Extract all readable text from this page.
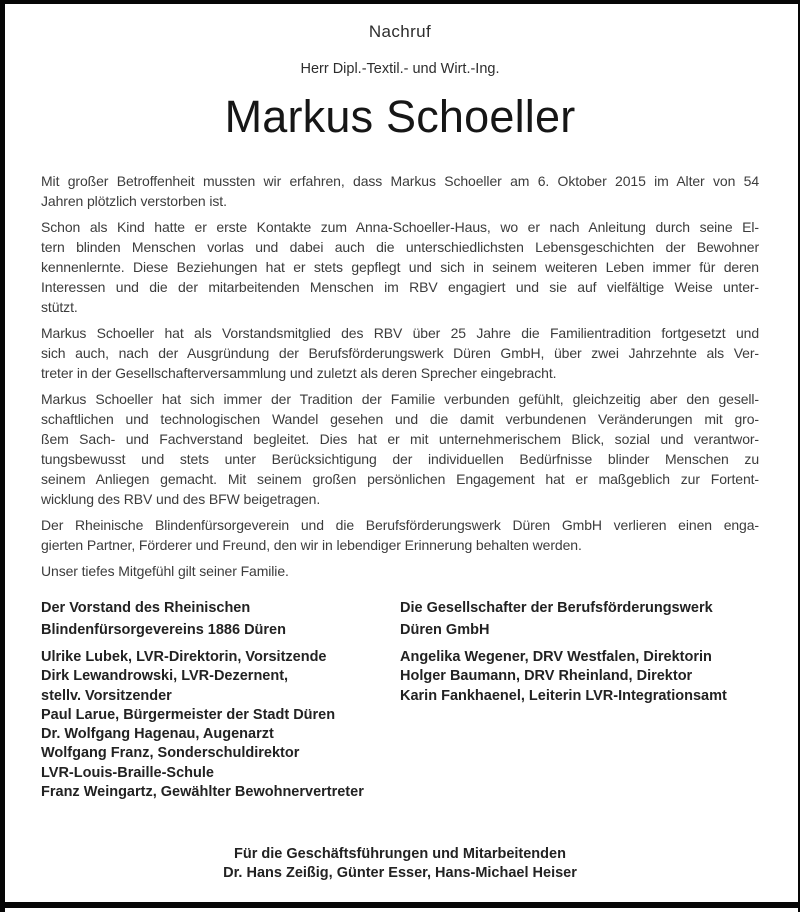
Nachruf
Herr Dipl.-Textil.- und Wirt.-Ing.
Markus Schoeller
Mit großer Betroffenheit mussten wir erfahren, dass Markus Schoeller am 6. Oktober 2015 im Alter von 54
Jahren plötzlich verstorben ist.
Schon als Kind hatte er erste Kontakte zum Anna-Schoeller-Haus, wo er nach Anleitung durch seine El-
tern blinden Menschen vorlas und dabei auch die unterschiedlichsten Lebensgeschichten der Bewohner
kennenlernte. Diese Beziehungen hat er stets gepflegt und sich in seinem weiteren Leben immer für deren
Interessen und die der mitarbeitenden Menschen im RBV engagiert und sie auf vielfältige Weise unter-
stützt.
Markus Schoeller hat als Vorstandsmitglied des RBV über 25 Jahre die Familientradition fortgesetzt und
sich auch, nach der Ausgründung der Berufsförderungswerk Düren GmbH, über zwei Jahrzehnte als Ver-
treter in der Gesellschafterversammlung und zuletzt als deren Sprecher eingebracht.
Markus Schoeller hat sich immer der Tradition der Familie verbunden gefühlt, gleichzeitig aber den gesell-
schaftlichen und technologischen Wandel gesehen und die damit verbundenen Veränderungen mit gro-
ßem Sach- und Fachverstand begleitet. Dies hat er mit unternehmerischem Blick, sozial und verantwor-
tungsbewusst und stets unter Berücksichtigung der individuellen Bedürfnisse blinder Menschen zu
seinem Anliegen gemacht. Mit seinem großen persönlichen Engagement hat er maßgeblich zur Fortent-
wicklung des RBV und des BFW beigetragen.
Der Rheinische Blindenfürsorgeverein und die Berufsförderungswerk Düren GmbH verlieren einen enga-
gierten Partner, Förderer und Freund, den wir in lebendiger Erinnerung behalten werden.
Unser tiefes Mitgefühl gilt seiner Familie.
Der Vorstand des Rheinischen
Blindenfürsorgevereins 1886 Düren
Ulrike Lubek, LVR-Direktorin, Vorsitzende
Dirk Lewandrowski, LVR-Dezernent,
stellv. Vorsitzender
Paul Larue, Bürgermeister der Stadt Düren
Dr. Wolfgang Hagenau, Augenarzt
Wolfgang Franz, Sonderschuldirektor
LVR-Louis-Braille-Schule
Franz Weingartz, Gewählter Bewohnervertreter
Die Gesellschafter der Berufsförderungswerk
Düren GmbH
Angelika Wegener, DRV Westfalen, Direktorin
Holger Baumann, DRV Rheinland, Direktor
Karin Fankhaenel, Leiterin LVR-Integrationsamt
Für die Geschäftsführungen und Mitarbeitenden
Dr. Hans Zeißig, Günter Esser, Hans-Michael Heiser
